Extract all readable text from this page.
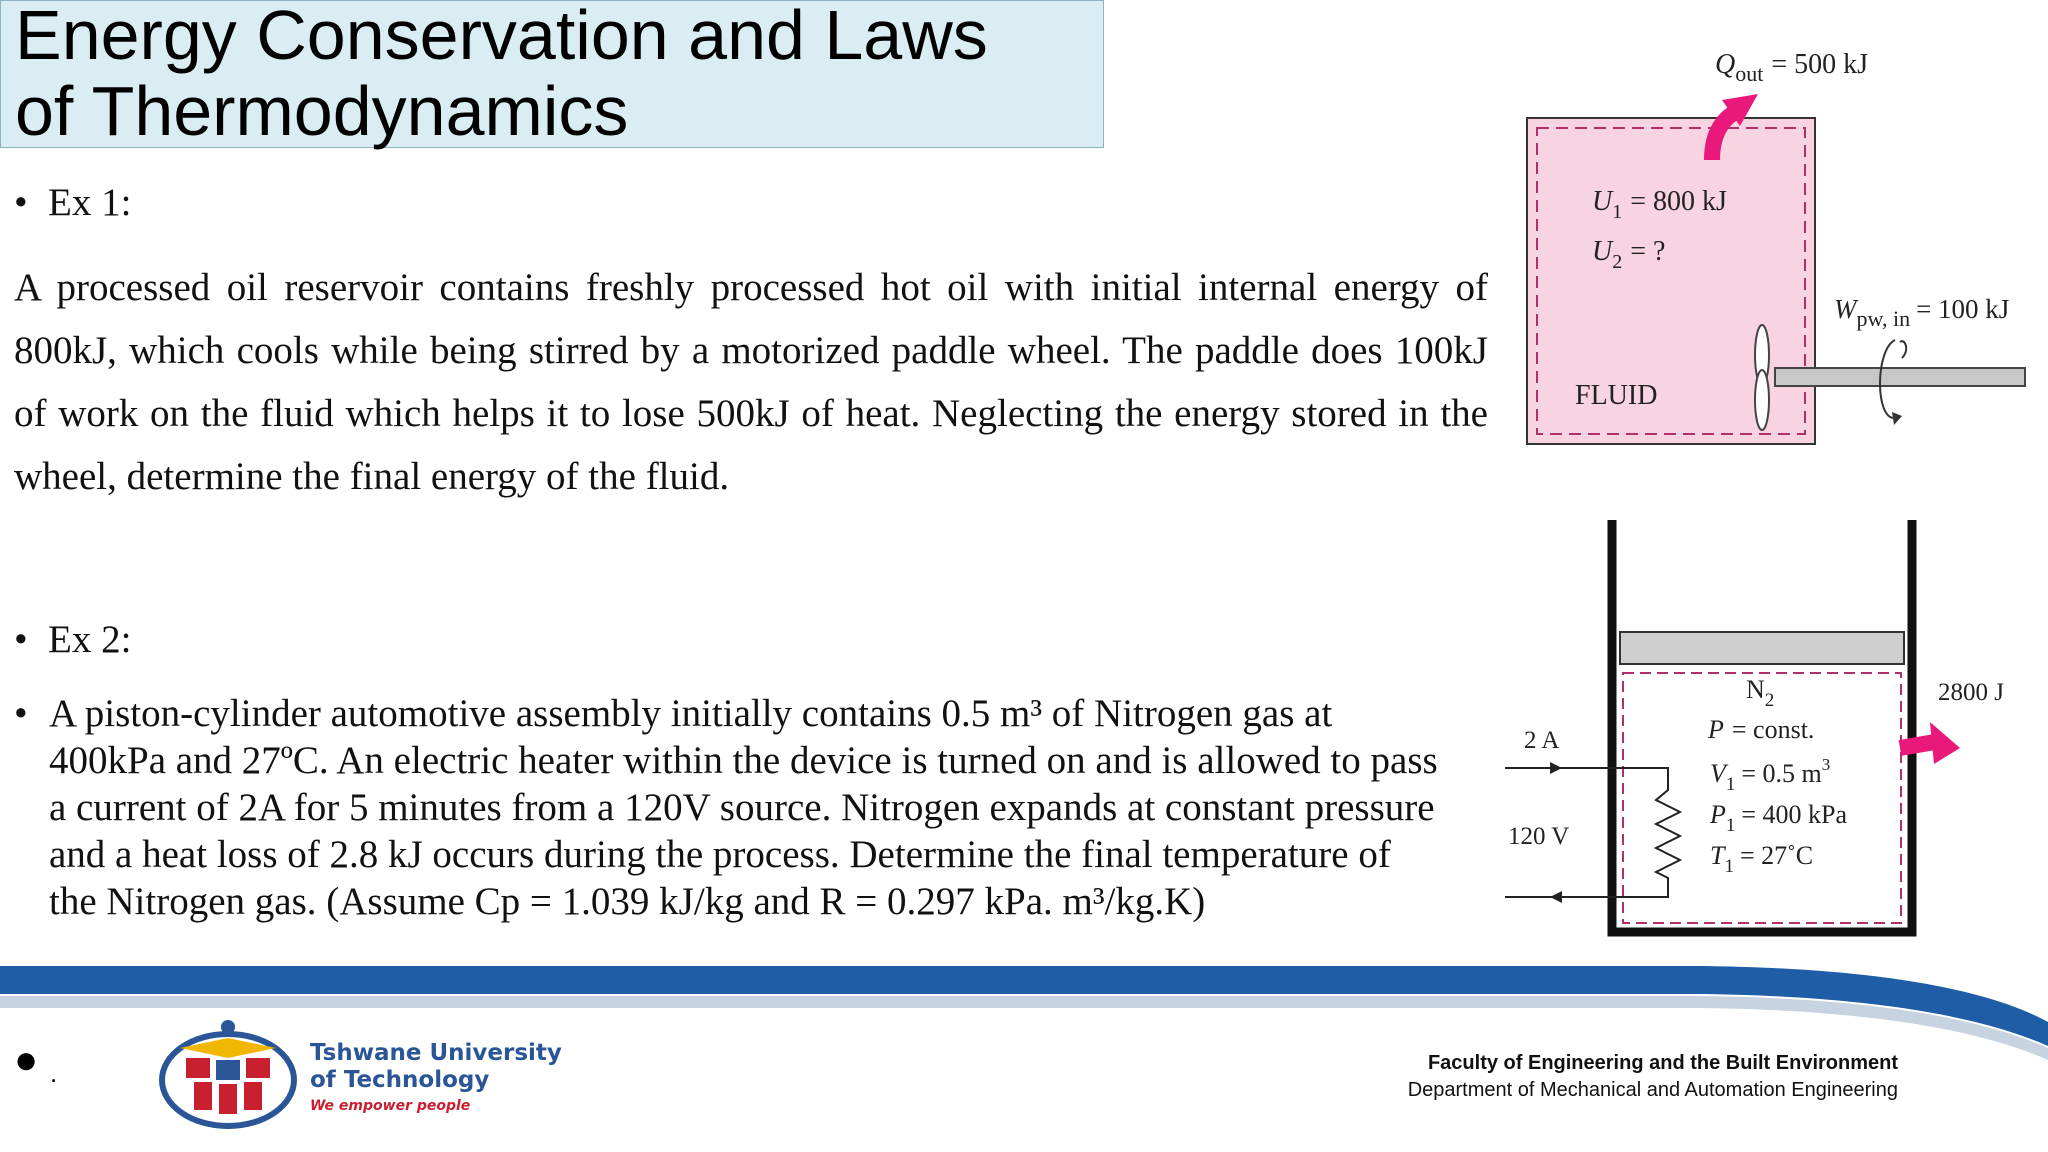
Energy Conservation and Laws
of Thermodynamics
• Ex 1:
A processed oil reservoir contains freshly processed hot oil with initial internal energy of 800kJ, which cools while being stirred by a motorized paddle wheel. The paddle does 100kJ of work on the fluid which helps it to lose 500kJ of heat. Neglecting the energy stored in the wheel, determine the final energy of the fluid.
• Ex 2:
• A piston-cylinder automotive assembly initially contains 0.5 m³ of Nitrogen gas at 400kPa and 27ºC. An electric heater within the device is turned on and is allowed to pass a current of 2A for 5 minutes from a 120V source. Nitrogen expands at constant pressure and a heat loss of 2.8 kJ occurs during the process. Determine the final temperature of the Nitrogen gas. (Assume Cp = 1.039 kJ/kg and R = 0.297 kPa. m³/kg.K)
$Q_{out} = 500$ kJ
$U_1 = 800$ kJ
$U_2$ = ?
FLUID
$W_{pw, in} = 100$ kJ
2 A
120 V
2800 J
$N_2$
P = const.
$V_1 = 0.5$ $m^3$
$P_1 = 400$ kPa
$T_1$ = 27˚C
● .
Tshwane University
of Technology
We empower people
Faculty of Engineering and the Built Environment
Department of Mechanical and Automation Engineering
